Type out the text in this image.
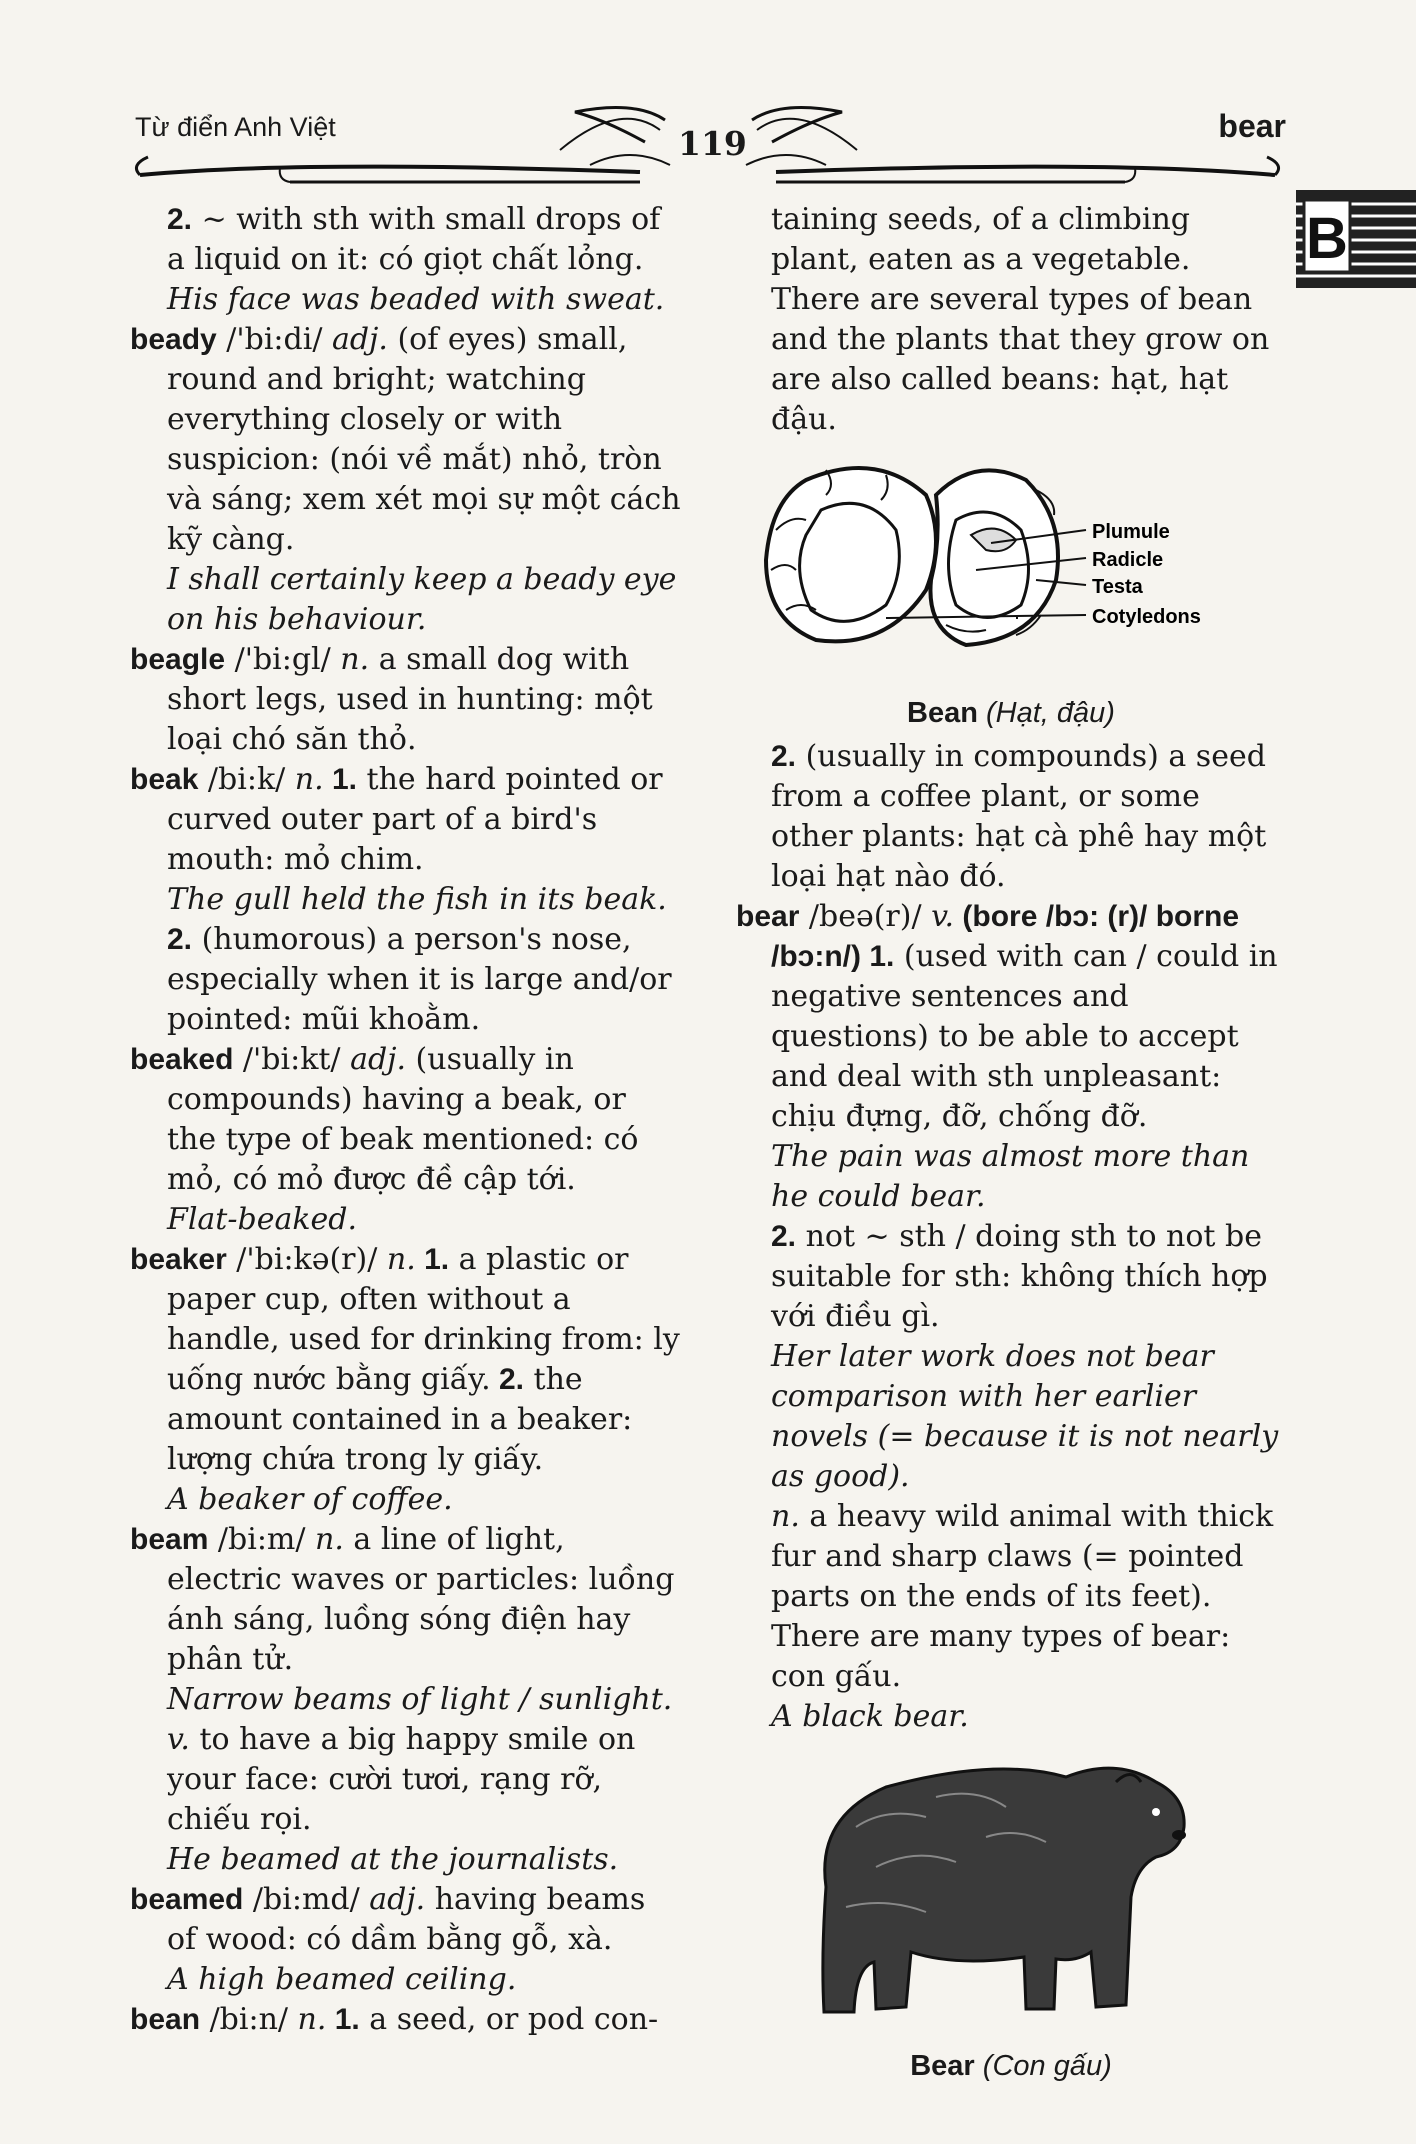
Từ điển Anh Việt	119	bear
B

2. ~ with sth with small drops of a liquid on it: có giọt chất lỏng.

His face was beaded with sweat.

beady /'bi:di/ adj. (of eyes) small, round and bright; watching everything closely or with suspicion: (nói về mắt) nhỏ, tròn và sáng; xem xét mọi sự một cách kỹ càng.

I shall certainly keep a beady eye on his behaviour.

beagle /'bi:gl/ n. a small dog with short legs, used in hunting: một loại chó săn thỏ.

beak /bi:k/ n. 1. the hard pointed or curved outer part of a bird's mouth: mỏ chim.

The gull held the fish in its beak.

2. (humorous) a person's nose, especially when it is large and/or pointed: mũi khoằm.

beaked /'bi:kt/ adj. (usually in compounds) having a beak, or the type of beak mentioned: có mỏ, có mỏ được đề cập tới.

Flat-beaked.

beaker /'bi:kə(r)/ n. 1. a plastic or paper cup, often without a handle, used for drinking from: ly uống nước bằng giấy. 2. the amount contained in a beaker: lượng chứa trong ly giấy.

A beaker of coffee.

beam /bi:m/ n. a line of light, electric waves or particles: luồng ánh sáng, luồng sóng điện hay phân tử.

Narrow beams of light / sunlight.

v. to have a big happy smile on your face: cười tươi, rạng rỡ, chiếu rọi.

He beamed at the journalists.

beamed /bi:md/ adj. having beams of wood: có dầm bằng gỗ, xà.

A high beamed ceiling.

bean /bi:n/ n. 1. a seed, or pod con-

taining seeds, of a climbing plant, eaten as a vegetable. There are several types of bean and the plants that they grow on are also called beans: hạt, hạt đậu.

Plumule
Radicle
Testa
Cotyledons
Bean (Hạt, đậu)

2. (usually in compounds) a seed from a coffee plant, or some other plants: hạt cà phê hay một loại hạt nào đó.

bear /beə(r)/ v. (bore /bɔ: (r)/ borne /bɔ:n/) 1. (used with can / could in negative sentences and questions) to be able to accept and deal with sth unpleasant: chịu đựng, đỡ, chống đỡ.

The pain was almost more than he could bear.

2. not ~ sth / doing sth to not be suitable for sth: không thích hợp với điều gì.

Her later work does not bear comparison with her earlier novels (= because it is not nearly as good).

n. a heavy wild animal with thick fur and sharp claws (= pointed parts on the ends of its feet). There are many types of bear: con gấu.

A black bear.

Bear (Con gấu)
